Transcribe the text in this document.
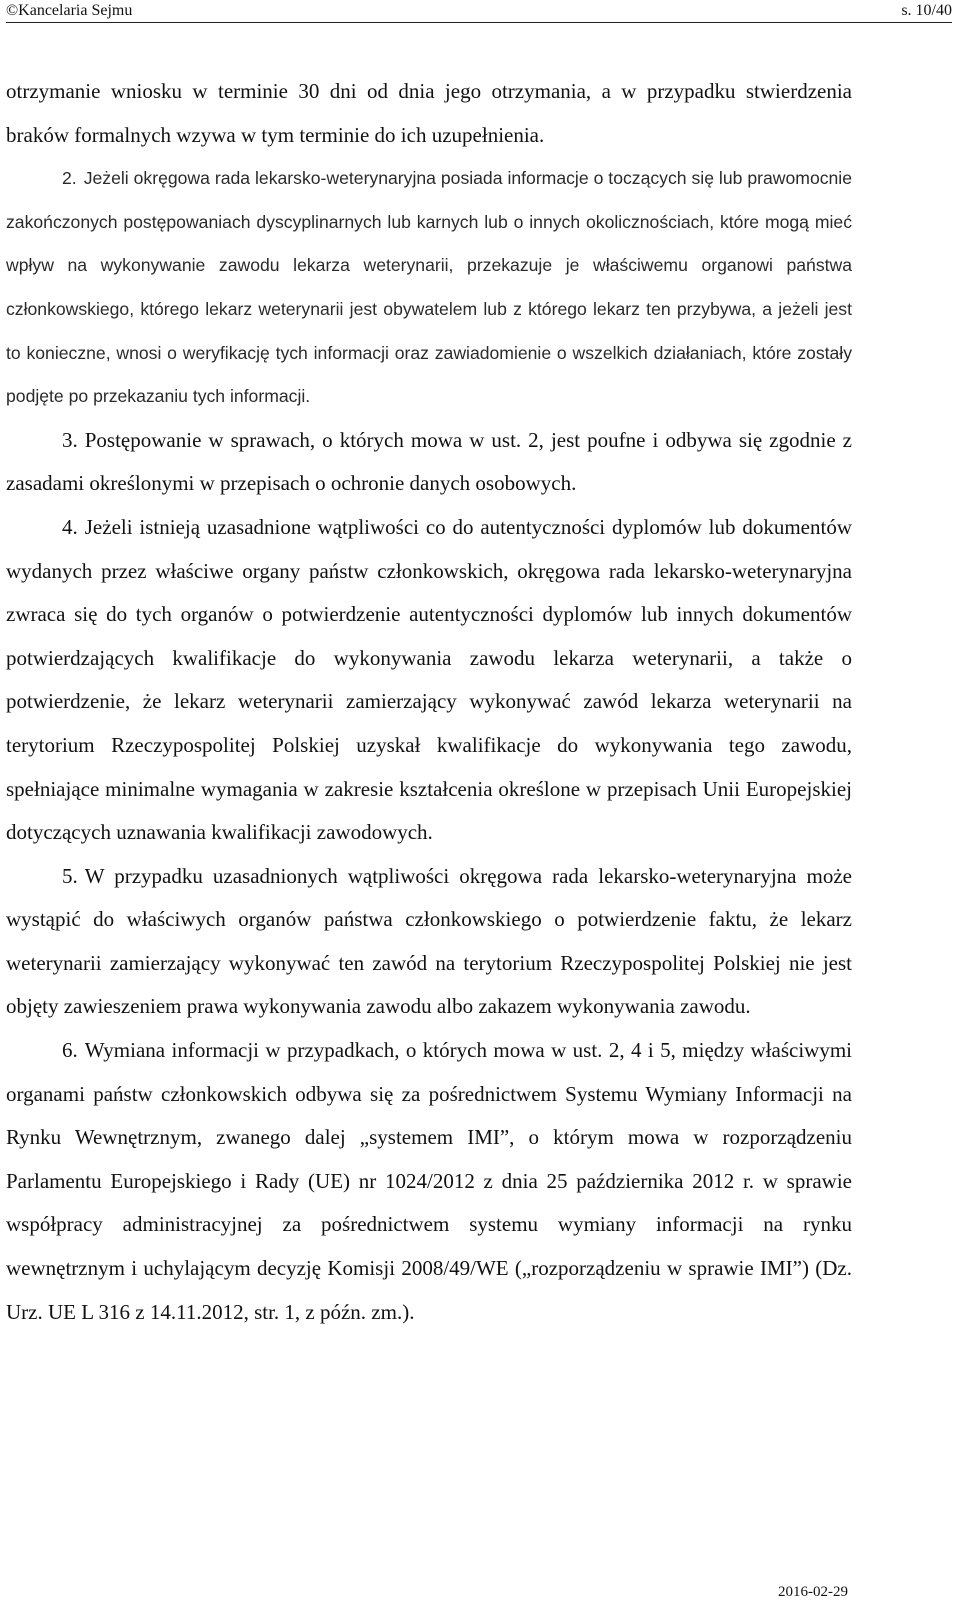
©Kancelaria Sejmu	s. 10/40

otrzymanie wniosku w terminie 30 dni od dnia jego otrzymania, a w przypadku stwierdzenia braków formalnych wzywa w tym terminie do ich uzupełnienia.

2. Jeżeli okręgowa rada lekarsko-weterynaryjna posiada informacje o toczących się lub prawomocnie zakończonych postępowaniach dyscyplinarnych lub karnych lub o innych okolicznościach, które mogą mieć wpływ na wykonywanie zawodu lekarza weterynarii, przekazuje je właściwemu organowi państwa członkowskiego, którego lekarz weterynarii jest obywatelem lub z którego lekarz ten przybywa, a jeżeli jest to konieczne, wnosi o weryfikację tych informacji oraz zawiadomienie o wszelkich działaniach, które zostały podjęte po przekazaniu tych informacji.

3. Postępowanie w sprawach, o których mowa w ust. 2, jest poufne i odbywa się zgodnie z zasadami określonymi w przepisach o ochronie danych osobowych.

4. Jeżeli istnieją uzasadnione wątpliwości co do autentyczności dyplomów lub dokumentów wydanych przez właściwe organy państw członkowskich, okręgowa rada lekarsko-weterynaryjna zwraca się do tych organów o potwierdzenie autentyczności dyplomów lub innych dokumentów potwierdzających kwalifikacje do wykonywania zawodu lekarza weterynarii, a także o potwierdzenie, że lekarz weterynarii zamierzający wykonywać zawód lekarza weterynarii na terytorium Rzeczypospolitej Polskiej uzyskał kwalifikacje do wykonywania tego zawodu, spełniające minimalne wymagania w zakresie kształcenia określone w przepisach Unii Europejskiej dotyczących uznawania kwalifikacji zawodowych.

5. W przypadku uzasadnionych wątpliwości okręgowa rada lekarsko-weterynaryjna może wystąpić do właściwych organów państwa członkowskiego o potwierdzenie faktu, że lekarz weterynarii zamierzający wykonywać ten zawód na terytorium Rzeczypospolitej Polskiej nie jest objęty zawieszeniem prawa wykonywania zawodu albo zakazem wykonywania zawodu.

6. Wymiana informacji w przypadkach, o których mowa w ust. 2, 4 i 5, między właściwymi organami państw członkowskich odbywa się za pośrednictwem Systemu Wymiany Informacji na Rynku Wewnętrznym, zwanego dalej „systemem IMI”, o którym mowa w rozporządzeniu Parlamentu Europejskiego i Rady (UE) nr 1024/2012 z dnia 25 października 2012 r. w sprawie współpracy administracyjnej za pośrednictwem systemu wymiany informacji na rynku wewnętrznym i uchylającym decyzję Komisji 2008/49/WE („rozporządzeniu w sprawie IMI”) (Dz. Urz. UE L 316 z 14.11.2012, str. 1, z późn. zm.).

2016-02-29
